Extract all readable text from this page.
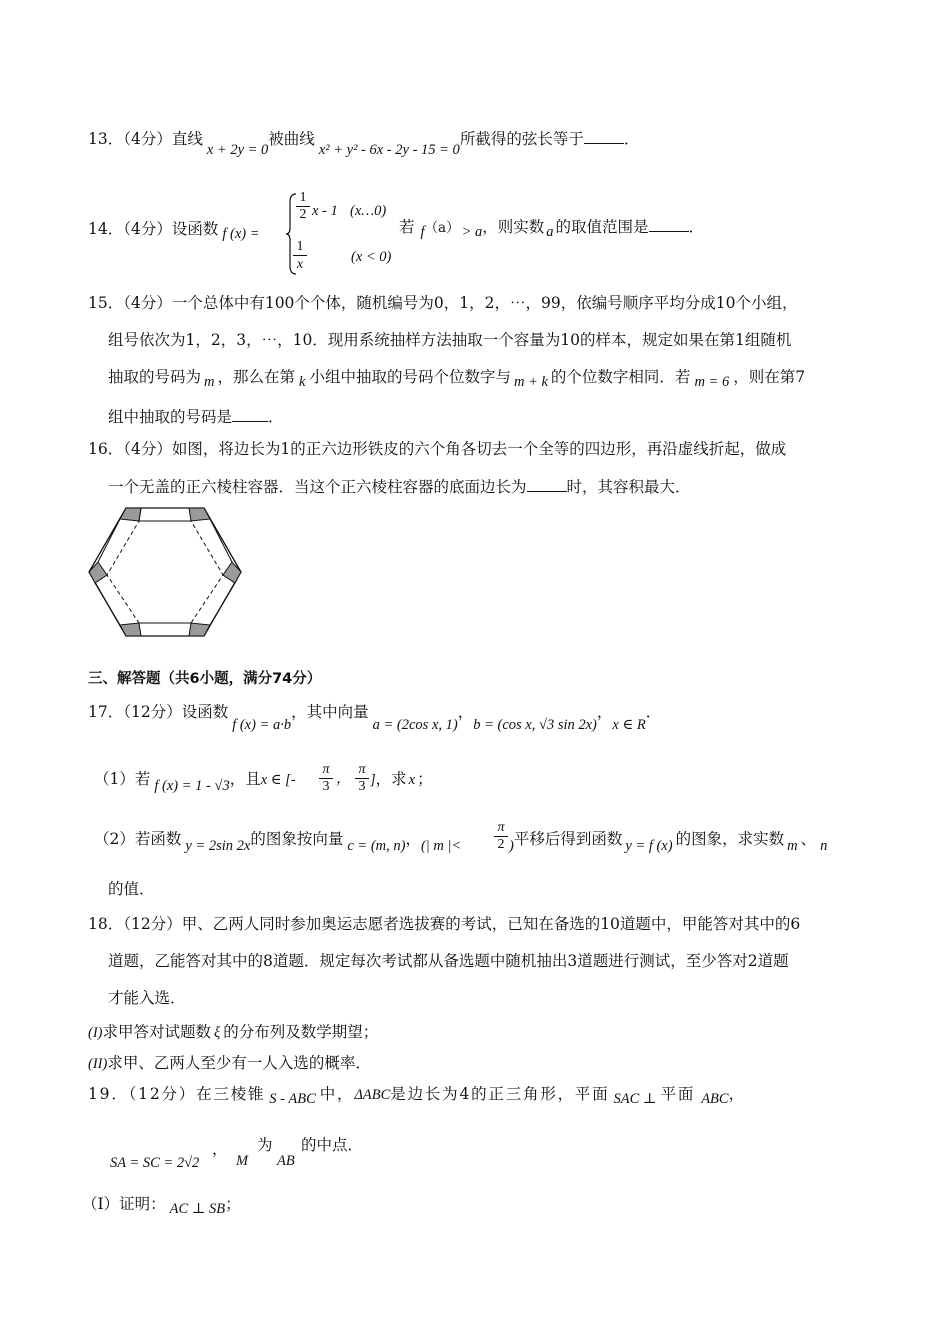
13．（4分）直线x + 2y = 0被曲线x² + y² - 6x - 2y - 15 = 0所截得的弦长等于	．
14．（4分）设函数 f (x) =
1
2 x - 1 (x…0)
1
x	(x < 0)
若 f（a） > a，则实数 a 的取值范围是	．
15．（4分）一个总体中有100个个体，随机编号为0，1，2，⋯，99，依编号顺序平均分成10个小组，
组号依次为1，2，3，⋯，10．现用系统抽样方法抽取一个容量为10的样本，规定如果在第1组随机
抽取的号码为 m ，那么在第 k 小组中抽取的号码个位数字与 m + k 的个位数字相同．若 m = 6 ，则在第7
组中抽取的号码是 ．
16．（4分）如图，将边长为1的正六边形铁皮的六个角各切去一个全等的四边形，再沿虚线折起，做成
一个无盖的正六棱柱容器．当这个正六棱柱容器的底面边长为	时，其容积最大．
三、解答题（共6小题，满分74分）
17．（12分）设函数f (x) = a·b，其中向量a = (2cos x, 1)，b = (cos x, √3 sin 2x)，x ∈ R．
（1）若 f (x) = 1 - √3，且x ∈ [-
π
3 ，
π
3 ]，求 x ；
（2）若函数 y = 2sin 2x的图象按向量 c = (m, n)，(| m |<
π
2 )平移后得到函数 y = f (x) 的图象，求实数 m 、 n
的值．
18．（12分）甲、乙两人同时参加奥运志愿者选拔赛的考试，已知在备选的10道题中，甲能答对其中的6
道题，乙能答对其中的8道题．规定每次考试都从备选题中随机抽出3道题进行测试，至少答对2道题
才能入选．
(I)求甲答对试题数 ξ 的分布列及数学期望；
(II)求甲、乙两人至少有一人入选的概率．
19．（12分）在三棱锥 S - ABC 中，ΔABC是边长为4的正三角形，平面 SAC ⊥ 平面 ABC，
SA = SC = 2√2
，
M
为
AB
的中点．
（Ⅰ）证明： AC ⊥ SB；
